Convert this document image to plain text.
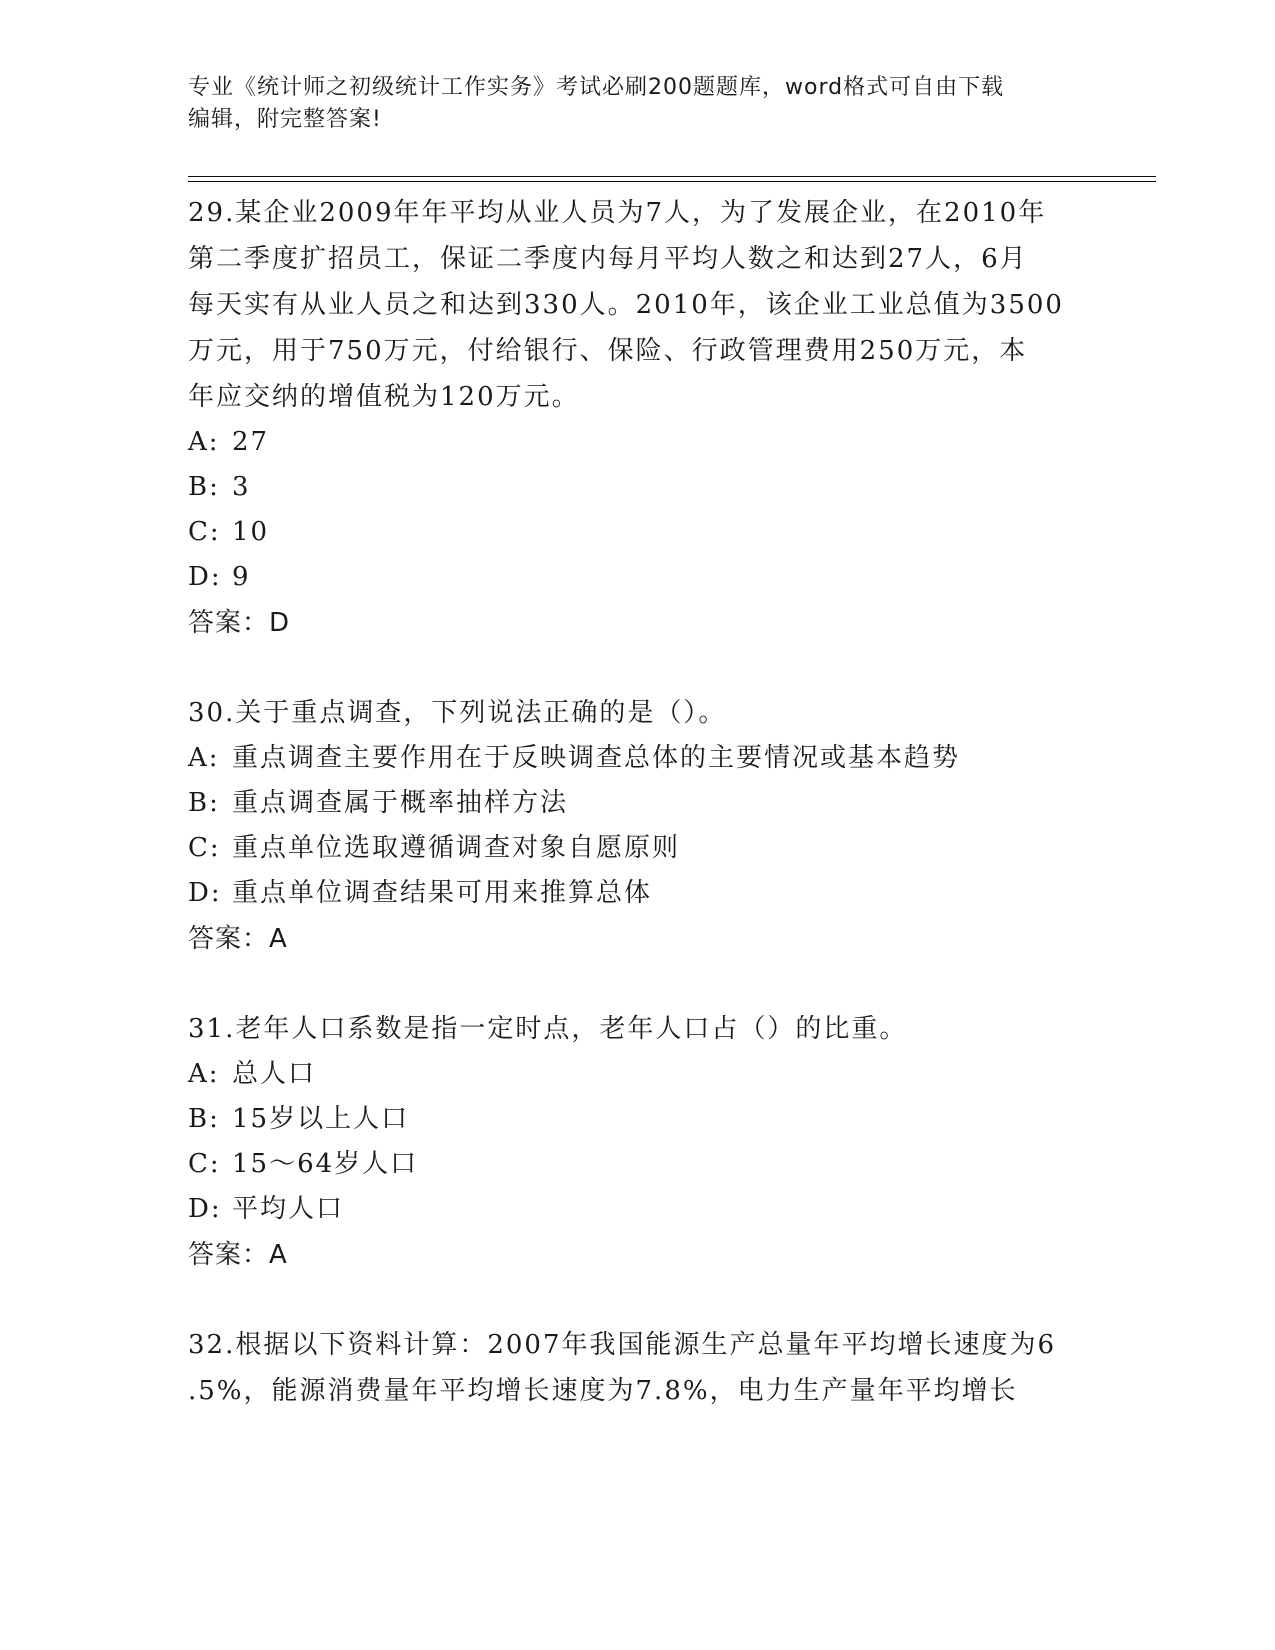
专业《统计师之初级统计工作实务》考试必刷200题题库，word格式可自由下载
编辑，附完整答案!

29.某企业2009年年平均从业人员为7人，为了发展企业，在2010年

第二季度扩招员工，保证二季度内每月平均人数之和达到27人，6月

每天实有从业人员之和达到330人。2010年，该企业工业总值为3500

万元，用于750万元，付给银行、保险、行政管理费用250万元，本

年应交纳的增值税为120万元。

A: 27

B: 3

C: 10

D: 9

答案：D

30.关于重点调查，下列说法正确的是（）。

A: 重点调查主要作用在于反映调查总体的主要情况或基本趋势

B: 重点调查属于概率抽样方法

C: 重点单位选取遵循调查对象自愿原则

D: 重点单位调查结果可用来推算总体

答案：A

31.老年人口系数是指一定时点，老年人口占（）的比重。

A: 总人口

B: 15岁以上人口

C: 15～64岁人口

D: 平均人口

答案：A

32.根据以下资料计算：2007年我国能源生产总量年平均增长速度为6

.5%，能源消费量年平均增长速度为7.8%，电力生产量年平均增长
